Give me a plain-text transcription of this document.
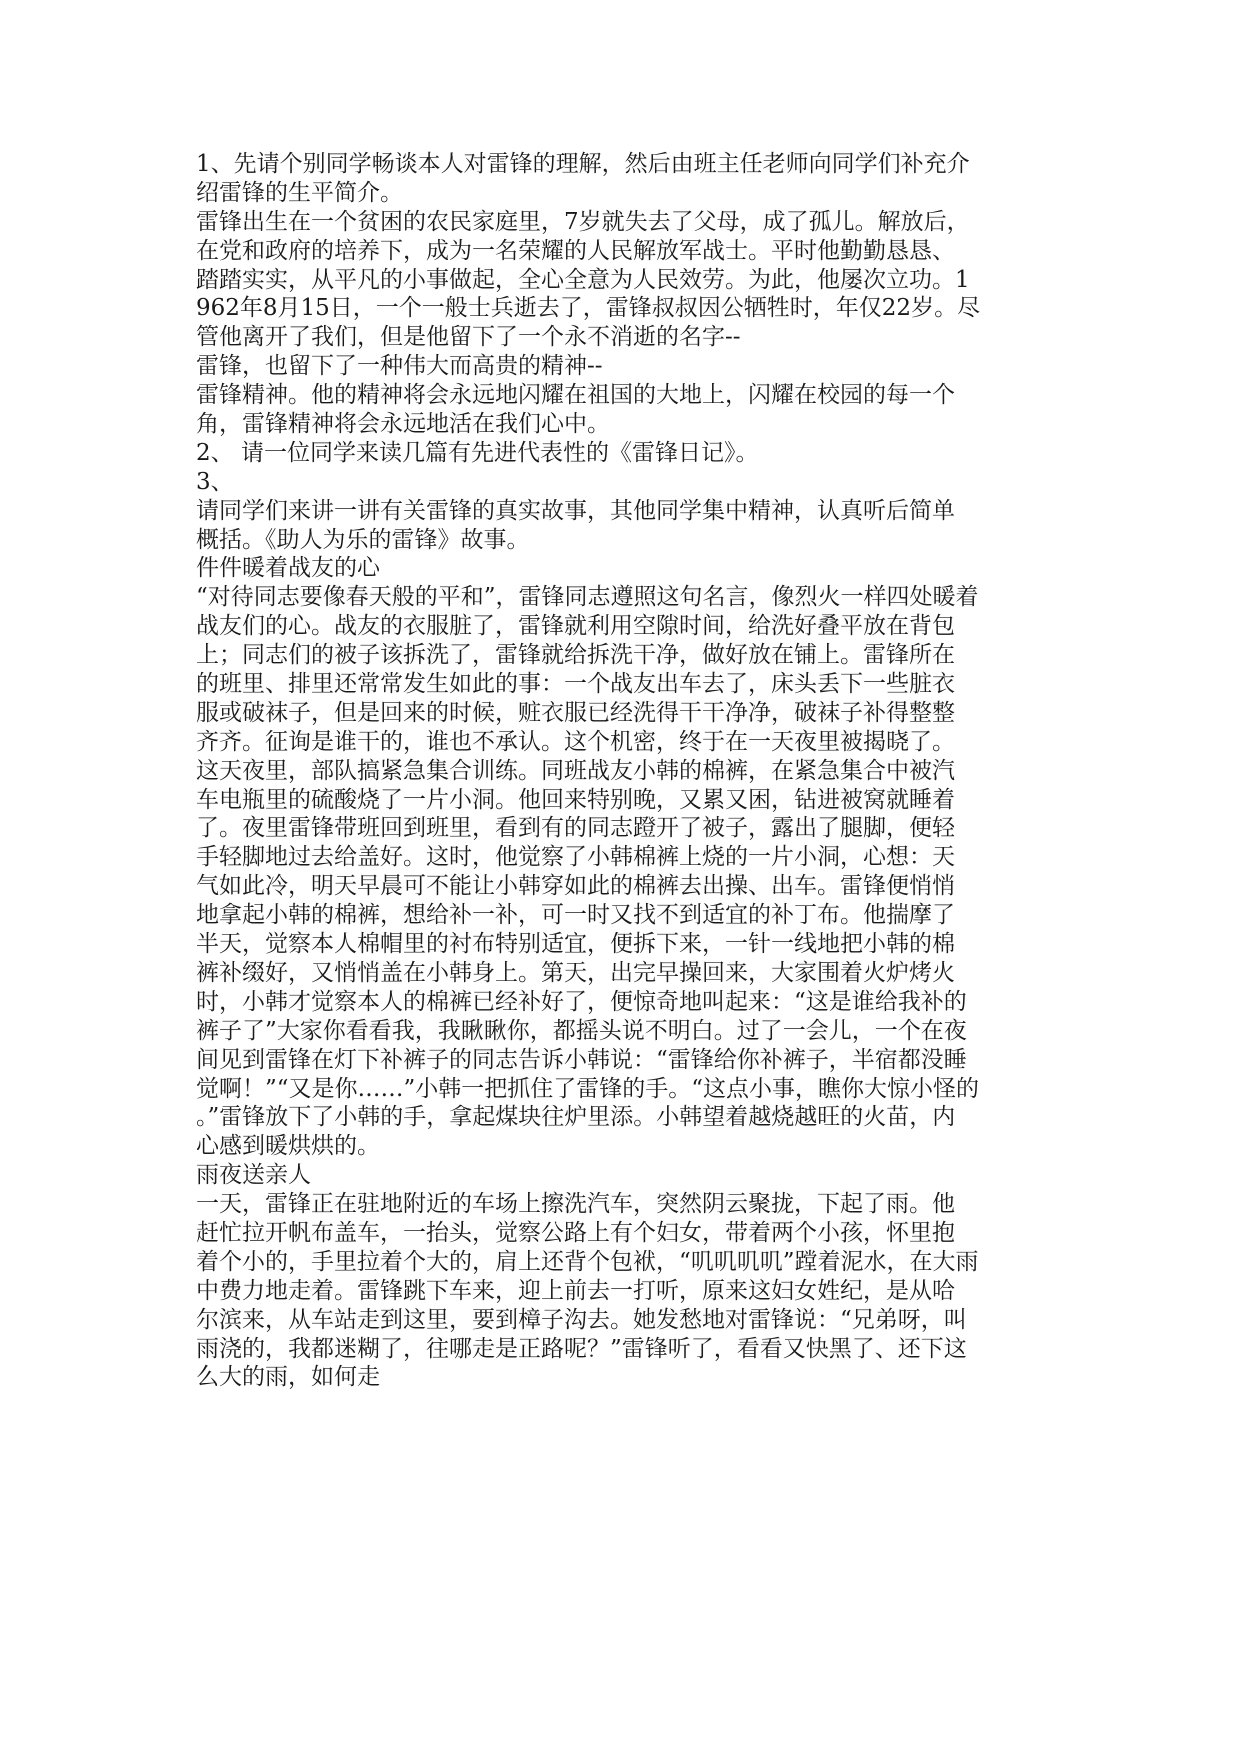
1、先请个别同学畅谈本人对雷锋的理解，然后由班主任老师向同学们补充介
绍雷锋的生平简介。
雷锋出生在一个贫困的农民家庭里，7岁就失去了父母，成了孤儿。解放后，
在党和政府的培养下，成为一名荣耀的人民解放军战士。平时他勤勤恳恳、
踏踏实实，从平凡的小事做起，全心全意为人民效劳。为此，他屡次立功。1
962年8月15日，一个一般士兵逝去了，雷锋叔叔因公牺牲时，年仅22岁。尽
管他离开了我们，但是他留下了一个永不消逝的名字--
雷锋，也留下了一种伟大而高贵的精神--
雷锋精神。他的精神将会永远地闪耀在祖国的大地上，闪耀在校园的每一个
角，雷锋精神将会永远地活在我们心中。
2、 请一位同学来读几篇有先进代表性的《雷锋日记》。
3、
请同学们来讲一讲有关雷锋的真实故事，其他同学集中精神，认真听后简单
概括。《助人为乐的雷锋》故事。
件件暖着战友的心
“对待同志要像春天般的平和”，雷锋同志遵照这句名言，像烈火一样四处暖着
战友们的心。战友的衣服脏了，雷锋就利用空隙时间，给洗好叠平放在背包
上；同志们的被子该拆洗了，雷锋就给拆洗干净，做好放在铺上。雷锋所在
的班里、排里还常常发生如此的事：一个战友出车去了，床头丢下一些脏衣
服或破袜子，但是回来的时候，赃衣服已经洗得干干净净，破袜子补得整整
齐齐。征询是谁干的，谁也不承认。这个机密，终于在一天夜里被揭晓了。
这天夜里，部队搞紧急集合训练。同班战友小韩的棉裤，在紧急集合中被汽
车电瓶里的硫酸烧了一片小洞。他回来特别晚，又累又困，钻进被窝就睡着
了。夜里雷锋带班回到班里，看到有的同志蹬开了被子，露出了腿脚，便轻
手轻脚地过去给盖好。这时，他觉察了小韩棉裤上烧的一片小洞，心想：天
气如此冷，明天早晨可不能让小韩穿如此的棉裤去出操、出车。雷锋便悄悄
地拿起小韩的棉裤，想给补一补，可一时又找不到适宜的补丁布。他揣摩了
半天，觉察本人棉帽里的衬布特别适宜，便拆下来，一针一线地把小韩的棉
裤补缀好，又悄悄盖在小韩身上。第天，出完早操回来，大家围着火炉烤火
时，小韩才觉察本人的棉裤已经补好了，便惊奇地叫起来：“这是谁给我补的
裤子了”大家你看看我，我瞅瞅你，都摇头说不明白。过了一会儿，一个在夜
间见到雷锋在灯下补裤子的同志告诉小韩说：“雷锋给你补裤子，半宿都没睡
觉啊！”“又是你……”小韩一把抓住了雷锋的手。“这点小事，瞧你大惊小怪的
。”雷锋放下了小韩的手，拿起煤块往炉里添。小韩望着越烧越旺的火苗，内
心感到暖烘烘的。
雨夜送亲人
一天，雷锋正在驻地附近的车场上擦洗汽车，突然阴云聚拢，下起了雨。他
赶忙拉开帆布盖车，一抬头，觉察公路上有个妇女，带着两个小孩，怀里抱
着个小的，手里拉着个大的，肩上还背个包袱，“叽叽叽叽”蹚着泥水，在大雨
中费力地走着。雷锋跳下车来，迎上前去一打听，原来这妇女姓纪，是从哈
尔滨来，从车站走到这里，要到樟子沟去。她发愁地对雷锋说：“兄弟呀，叫
雨浇的，我都迷糊了，往哪走是正路呢？”雷锋听了，看看又快黑了、还下这
么大的雨，如何走
